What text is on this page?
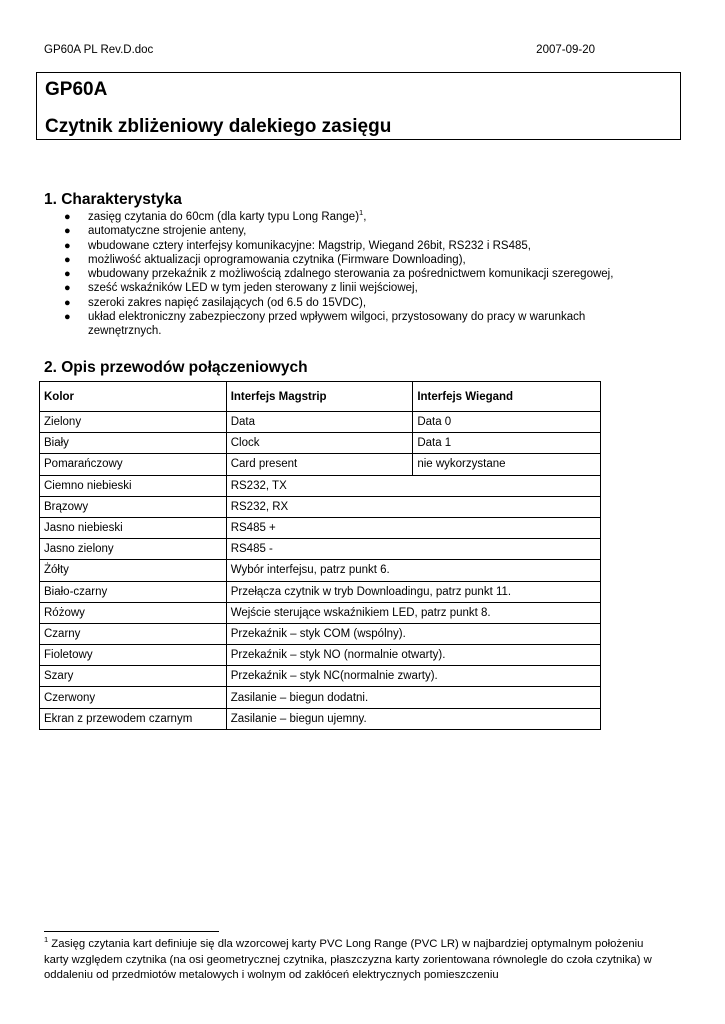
GP60A PL Rev.D.doc	2007-09-20
GP60A
Czytnik zbliżeniowy dalekiego zasięgu
1. Charakterystyka
● zasięg czytania do 60cm (dla karty typu Long Range)$^1$,
● automatyczne strojenie anteny,
● wbudowane cztery interfejsy komunikacyjne: Magstrip, Wiegand 26bit, RS232 i RS485,
● możliwość aktualizacji oprogramowania czytnika (Firmware Downloading),
● wbudowany przekaźnik z możliwością zdalnego sterowania za pośrednictwem komunikacji szeregowej,
● sześć wskaźników LED w tym jeden sterowany z linii wejściowej,
● szeroki zakres napięć zasilających (od 6.5 do 15VDC),
● układ elektroniczny zabezpieczony przed wpływem wilgoci, przystosowany do pracy w warunkach zewnętrznych.
2. Opis przewodów połączeniowych
Kolor	Interfejs Magstrip	Interfejs Wiegand
Zielony	Data	Data 0
Biały	Clock	Data 1
Pomarańczowy	Card present	nie wykorzystane
Ciemno niebieski	RS232, TX	
Brązowy	RS232, RX	
Jasno niebieski	RS485 +	
Jasno zielony	RS485 -	
Żółty	Wybór interfejsu, patrz punkt 6.	
Biało-czarny	Przełącza czytnik w tryb Downloadingu, patrz punkt 11.	
Różowy	Wejście sterujące wskaźnikiem LED, patrz punkt 8.	
Czarny	Przekaźnik – styk COM (wspólny).	
Fioletowy	Przekaźnik – styk NO (normalnie otwarty).	
Szary	Przekaźnik – styk NC(normalnie zwarty).	
Czerwony	Zasilanie – biegun dodatni.	
Ekran z przewodem czarnym	Zasilanie – biegun ujemny.	
$^1$ Zasięg czytania kart definiuje się dla wzorcowej karty PVC Long Range (PVC LR) w najbardziej optymalnym położeniu karty względem czytnika (na osi geometrycznej czytnika, płaszczyzna karty zorientowana równolegle do czoła czytnika) w oddaleniu od przedmiotów metalowych i wolnym od zakłóceń elektrycznych pomieszczeniu
